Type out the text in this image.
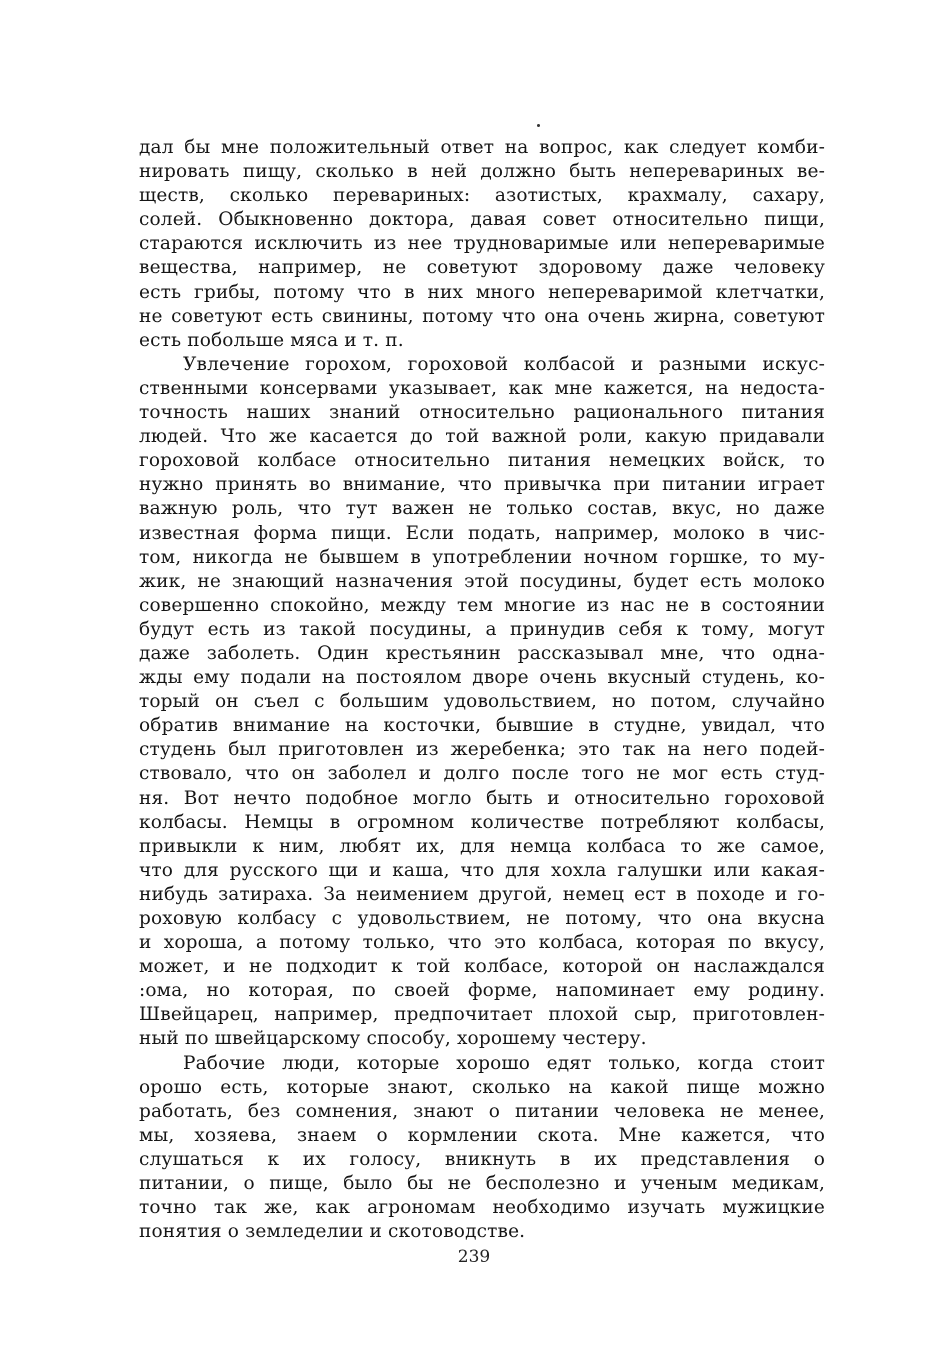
дал бы мне положительный ответ на вопрос, как следует комби-
нировать пищу, сколько в ней должно быть неперевариных ве-
ществ, сколько перевариных: азотистых, крахмалу, сахару,
солей. Обыкновенно доктора, давая совет относительно пищи,
стараются исключить из нее трудноваримые или непереваримые
вещества, например, не советуют здоровому даже человеку
есть грибы, потому что в них много непереваримой клетчатки,
не советуют есть свинины, потому что она очень жирна, советуют
есть побольше мяса и т. п.
Увлечение горохом, гороховой колбасой и разными искус-
ственными консервами указывает, как мне кажется, на недоста-
точность наших знаний относительно рационального питания
людей. Что же касается до той важной роли, какую придавали
гороховой колбасе относительно питания немецких войск, то
нужно принять во внимание, что привычка при питании играет
важную роль, что тут важен не только состав, вкус, но даже
известная форма пищи. Если подать, например, молоко в чис-
том, никогда не бывшем в употреблении ночном горшке, то му-
жик, не знающий назначения этой посудины, будет есть молоко
совершенно спокойно, между тем многие из нас не в состоянии
будут есть из такой посудины, а принудив себя к тому, могут
даже заболеть. Один крестьянин рассказывал мне, что одна-
жды ему подали на постоялом дворе очень вкусный студень, ко-
торый он съел с большим удовольствием, но потом, случайно
обратив внимание на косточки, бывшие в студне, увидал, что
студень был приготовлен из жеребенка; это так на него подей-
ствовало, что он заболел и долго после того не мог есть студ-
ня. Вот нечто подобное могло быть и относительно гороховой
колбасы. Немцы в огромном количестве потребляют колбасы,
привыкли к ним, любят их, для немца колбаса то же самое,
что для русского щи и каша, что для хохла галушки или какая-
нибудь затираха. За неимением другой, немец ест в походе и го-
роховую колбасу с удовольствием, не потому, что она вкусна
и хороша, а потому только, что это колбаса, которая по вкусу,
может, и не подходит к той колбасе, которой он наслаждался
:ома, но которая, по своей форме, напоминает ему родину.
Швейцарец, например, предпочитает плохой сыр, приготовлен-
ный по швейцарскому способу, хорошему честеру.
Рабочие люди, которые хорошо едят только, когда стоит
орошо есть, которые знают, сколько на какой пище можно
работать, без сомнения, знают о питании человека не менее,
мы, хозяева, знаем о кормлении скота. Мне кажется, что
слушаться к их голосу, вникнуть в их представления о
питании, о пище, было бы не бесполезно и ученым медикам,
точно так же, как агрономам необходимо изучать мужицкие
понятия о земледелии и скотоводстве.
239
